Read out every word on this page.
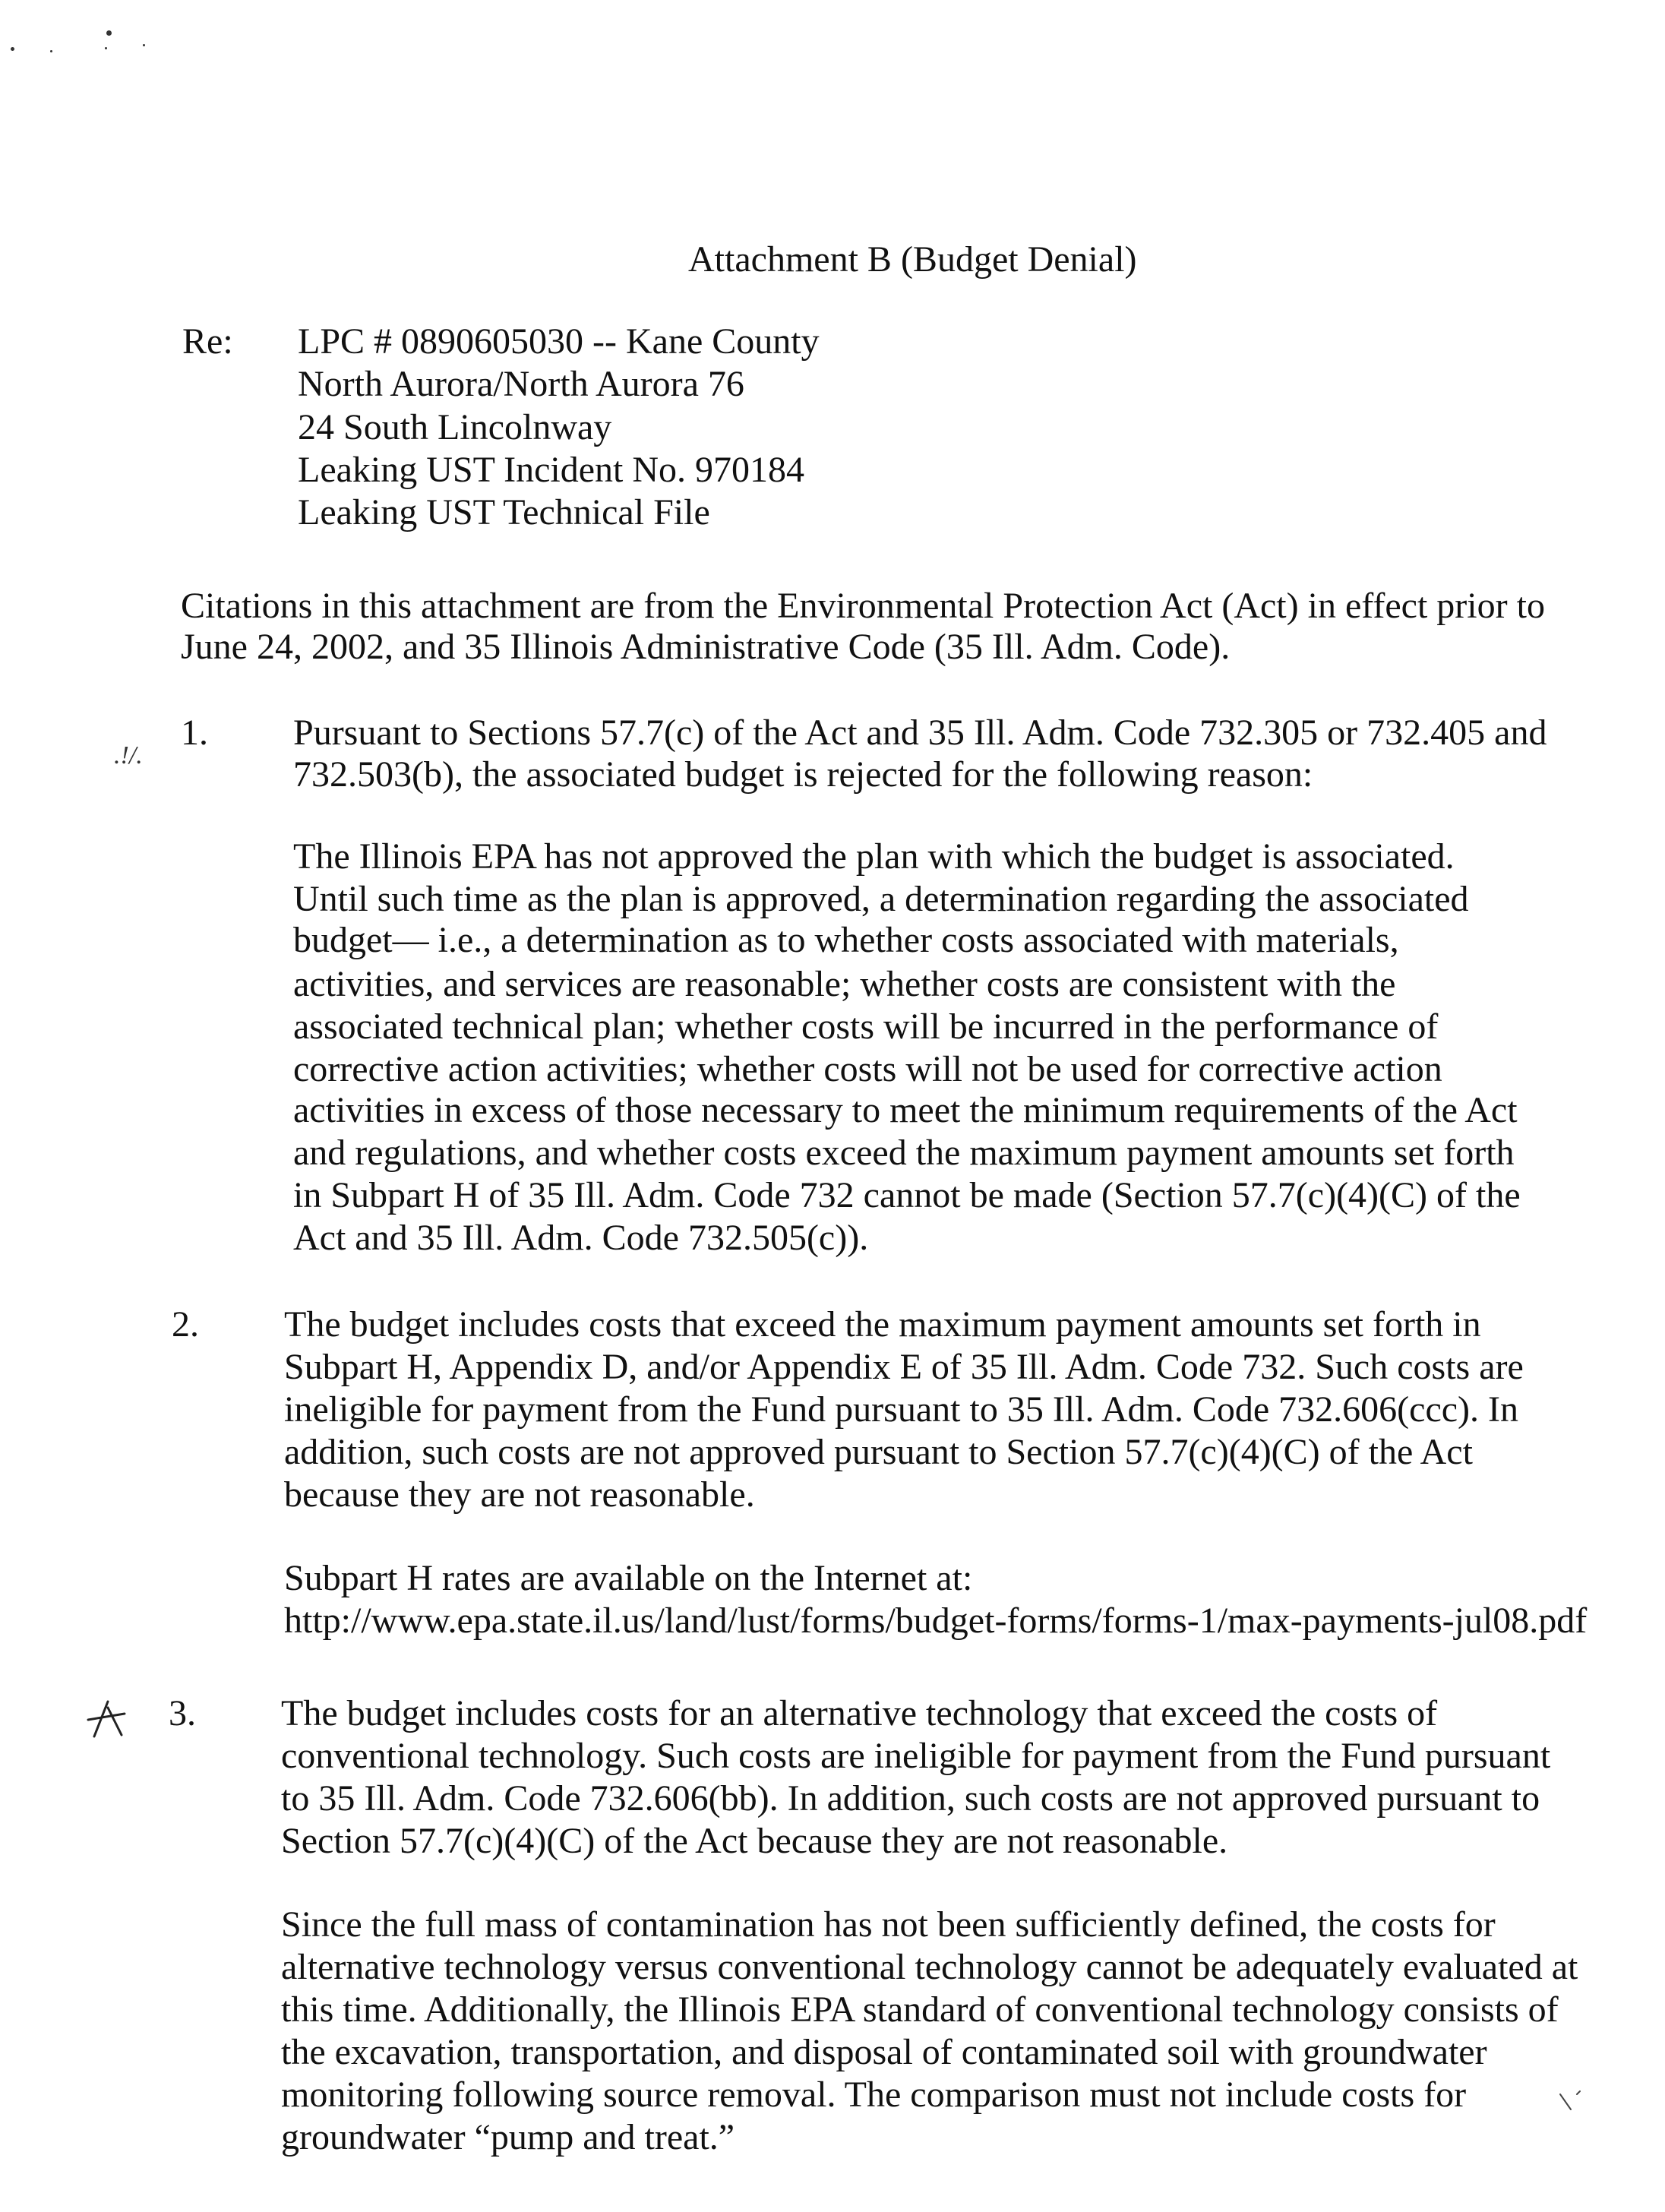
Attachment B (Budget Denial)
Re: LPC # 0890605030 -- Kane County
North Aurora/North Aurora 76
24 South Lincolnway
Leaking UST Incident No. 970184
Leaking UST Technical File
Citations in this attachment are from the Environmental Protection Act (Act) in effect prior to
June 24, 2002, and 35 Illinois Administrative Code (35 Ill. Adm. Code).
1.
.!/.
Pursuant to Sections 57.7(c) of the Act and 35 Ill. Adm. Code 732.305 or 732.405 and
732.503(b), the associated budget is rejected for the following reason:
The Illinois EPA has not approved the plan with which the budget is associated.
Until such time as the plan is approved, a determination regarding the associated
budget— i.e., a determination as to whether costs associated with materials,
activities, and services are reasonable; whether costs are consistent with the
associated technical plan; whether costs will be incurred in the performance of
corrective action activities; whether costs will not be used for corrective action
activities in excess of those necessary to meet the minimum requirements of the Act
and regulations, and whether costs exceed the maximum payment amounts set forth
in Subpart H of 35 Ill. Adm. Code 732 cannot be made (Section 57.7(c)(4)(C) of the
Act and 35 Ill. Adm. Code 732.505(c)).
2. The budget includes costs that exceed the maximum payment amounts set forth in
Subpart H, Appendix D, and/or Appendix E of 35 Ill. Adm. Code 732. Such costs are
ineligible for payment from the Fund pursuant to 35 Ill. Adm. Code 732.606(ccc). In
addition, such costs are not approved pursuant to Section 57.7(c)(4)(C) of the Act
because they are not reasonable.
Subpart H rates are available on the Internet at:
http://www.epa.state.il.us/land/lust/forms/budget-forms/forms-1/max-payments-jul08.pdf
3. The budget includes costs for an alternative technology that exceed the costs of
conventional technology. Such costs are ineligible for payment from the Fund pursuant
to 35 Ill. Adm. Code 732.606(bb). In addition, such costs are not approved pursuant to
Section 57.7(c)(4)(C) of the Act because they are not reasonable.
Since the full mass of contamination has not been sufficiently defined, the costs for
alternative technology versus conventional technology cannot be adequately evaluated at
this time. Additionally, the Illinois EPA standard of conventional technology consists of
the excavation, transportation, and disposal of contaminated soil with groundwater
monitoring following source removal. The comparison must not include costs for
groundwater “pump and treat.”
